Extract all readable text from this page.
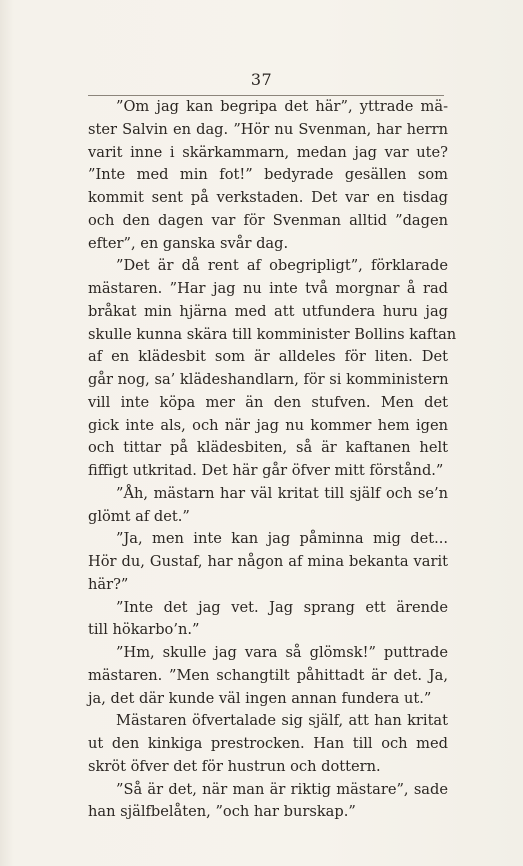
37
”Om jag kan begripa det här”, yttrade mä-
ster Salvin en dag. ”Hör nu Svenman, har herrn
varit inne i skärkammarn, medan jag var ute?
”Inte med min fot!” bedyrade gesällen som
kommit sent på verkstaden. Det var en tisdag
och den dagen var för Svenman alltid ”dagen
efter”, en ganska svår dag.
”Det är då rent af obegripligt”, förklarade
mästaren. ”Har jag nu inte två morgnar å rad
bråkat min hjärna med att utfundera huru jag
skulle kunna skära till komminister Bollins kaftan
af en klädesbit som är alldeles för liten. Det
går nog, sa’ klädeshandlarn, för si komministern
vill inte köpa mer än den stufven. Men det
gick inte als, och när jag nu kommer hem igen
och tittar på klädesbiten, så är kaftanen helt
fiffigt utkritad. Det här går öfver mitt förstånd.”
”Åh, mästarn har väl kritat till själf och se’n
glömt af det.”
”Ja, men inte kan jag påminna mig det...
Hör du, Gustaf, har någon af mina bekanta varit
här?”
”Inte det jag vet. Jag sprang ett ärende
till hökarbo’n.”
”Hm, skulle jag vara så glömsk!” puttrade
mästaren. ”Men schangtilt påhittadt är det. Ja,
ja, det där kunde väl ingen annan fundera ut.”
Mästaren öfvertalade sig själf, att han kritat
ut den kinkiga prestrocken. Han till och med
skröt öfver det för hustrun och dottern.
”Så är det, när man är riktig mästare”, sade
han själfbelåten, ”och har burskap.”
